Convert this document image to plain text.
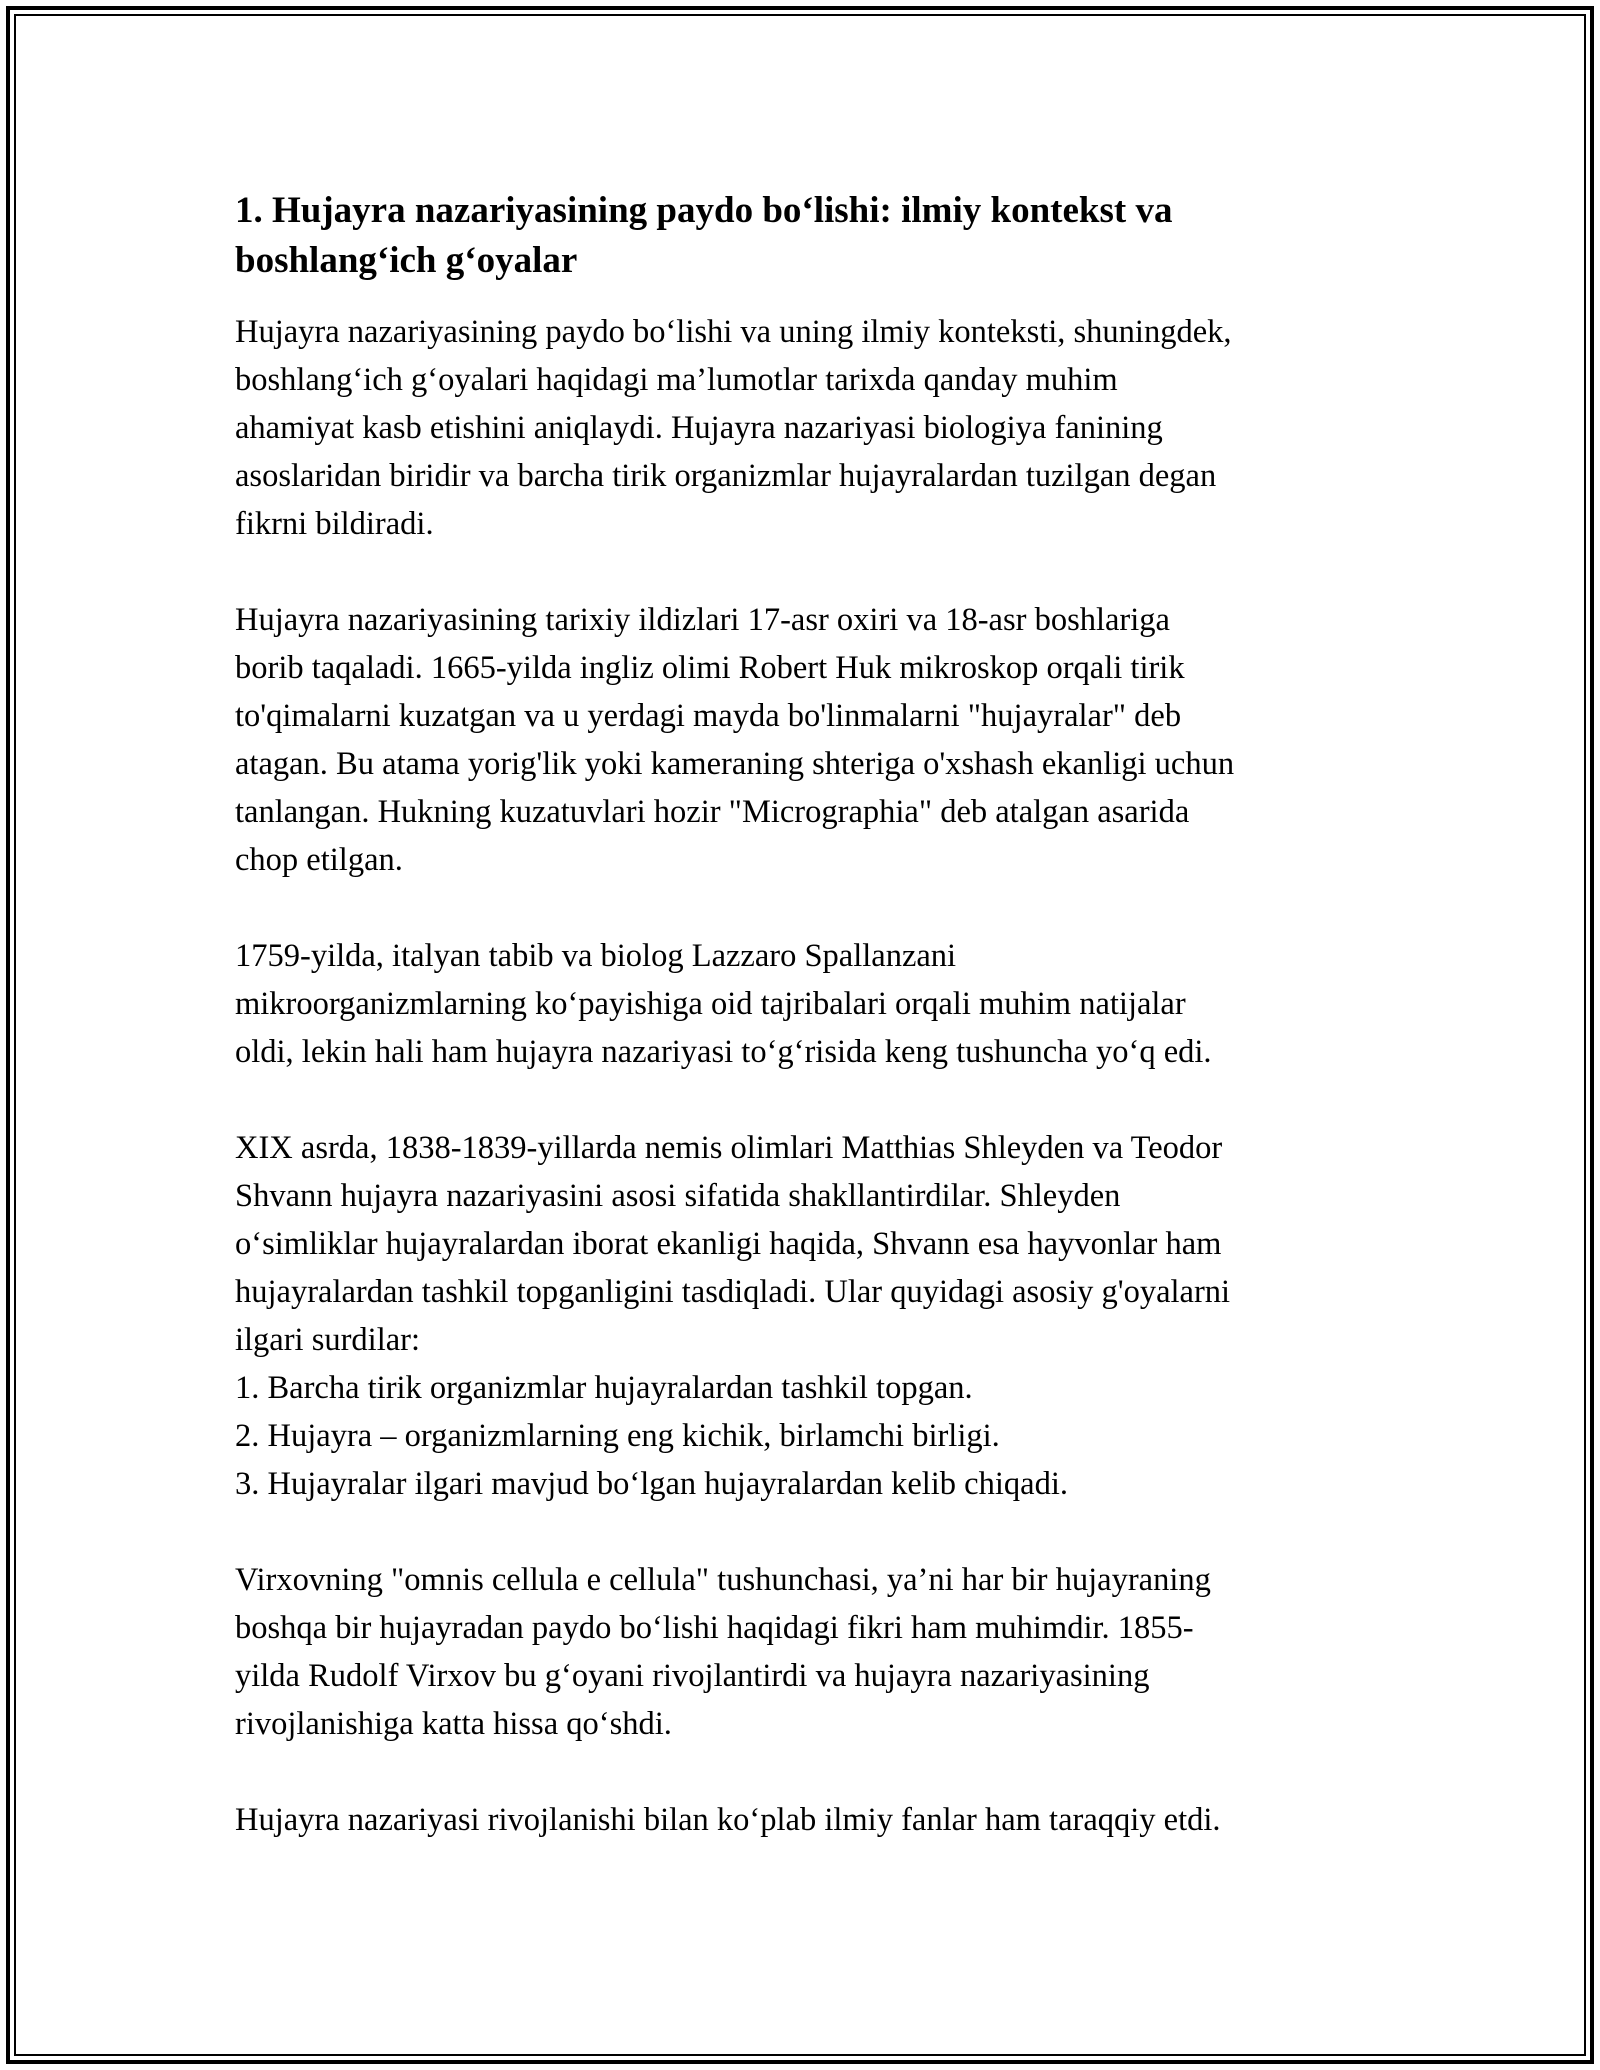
1. Hujayra nazariyasining paydo bo‘lishi: ilmiy kontekst va
boshlang‘ich g‘oyalar
Hujayra nazariyasining paydo bo‘lishi va uning ilmiy konteksti, shuningdek,
boshlang‘ich g‘oyalari haqidagi ma’lumotlar tarixda qanday muhim
ahamiyat kasb etishini aniqlaydi. Hujayra nazariyasi biologiya fanining
asoslaridan biridir va barcha tirik organizmlar hujayralardan tuzilgan degan
fikrni bildiradi.
Hujayra nazariyasining tarixiy ildizlari 17-asr oxiri va 18-asr boshlariga
borib taqaladi. 1665-yilda ingliz olimi Robert Huk mikroskop orqali tirik
to'qimalarni kuzatgan va u yerdagi mayda bo'linmalarni "hujayralar" deb
atagan. Bu atama yorig'lik yoki kameraning shteriga o'xshash ekanligi uchun
tanlangan. Hukning kuzatuvlari hozir "Micrographia" deb atalgan asarida
chop etilgan.
1759-yilda, italyan tabib va biolog Lazzaro Spallanzani
mikroorganizmlarning ko‘payishiga oid tajribalari orqali muhim natijalar
oldi, lekin hali ham hujayra nazariyasi to‘g‘risida keng tushuncha yo‘q edi.
XIX asrda, 1838-1839-yillarda nemis olimlari Matthias Shleyden va Teodor
Shvann hujayra nazariyasini asosi sifatida shakllantirdilar. Shleyden
o‘simliklar hujayralardan iborat ekanligi haqida, Shvann esa hayvonlar ham
hujayralardan tashkil topganligini tasdiqladi. Ular quyidagi asosiy g'oyalarni
ilgari surdilar:
1. Barcha tirik organizmlar hujayralardan tashkil topgan.
2. Hujayra – organizmlarning eng kichik, birlamchi birligi.
3. Hujayralar ilgari mavjud bo‘lgan hujayralardan kelib chiqadi.
Virxovning "omnis cellula e cellula" tushunchasi, ya’ni har bir hujayraning
boshqa bir hujayradan paydo bo‘lishi haqidagi fikri ham muhimdir. 1855-
yilda Rudolf Virxov bu g‘oyani rivojlantirdi va hujayra nazariyasining
rivojlanishiga katta hissa qo‘shdi.
Hujayra nazariyasi rivojlanishi bilan ko‘plab ilmiy fanlar ham taraqqiy etdi.
